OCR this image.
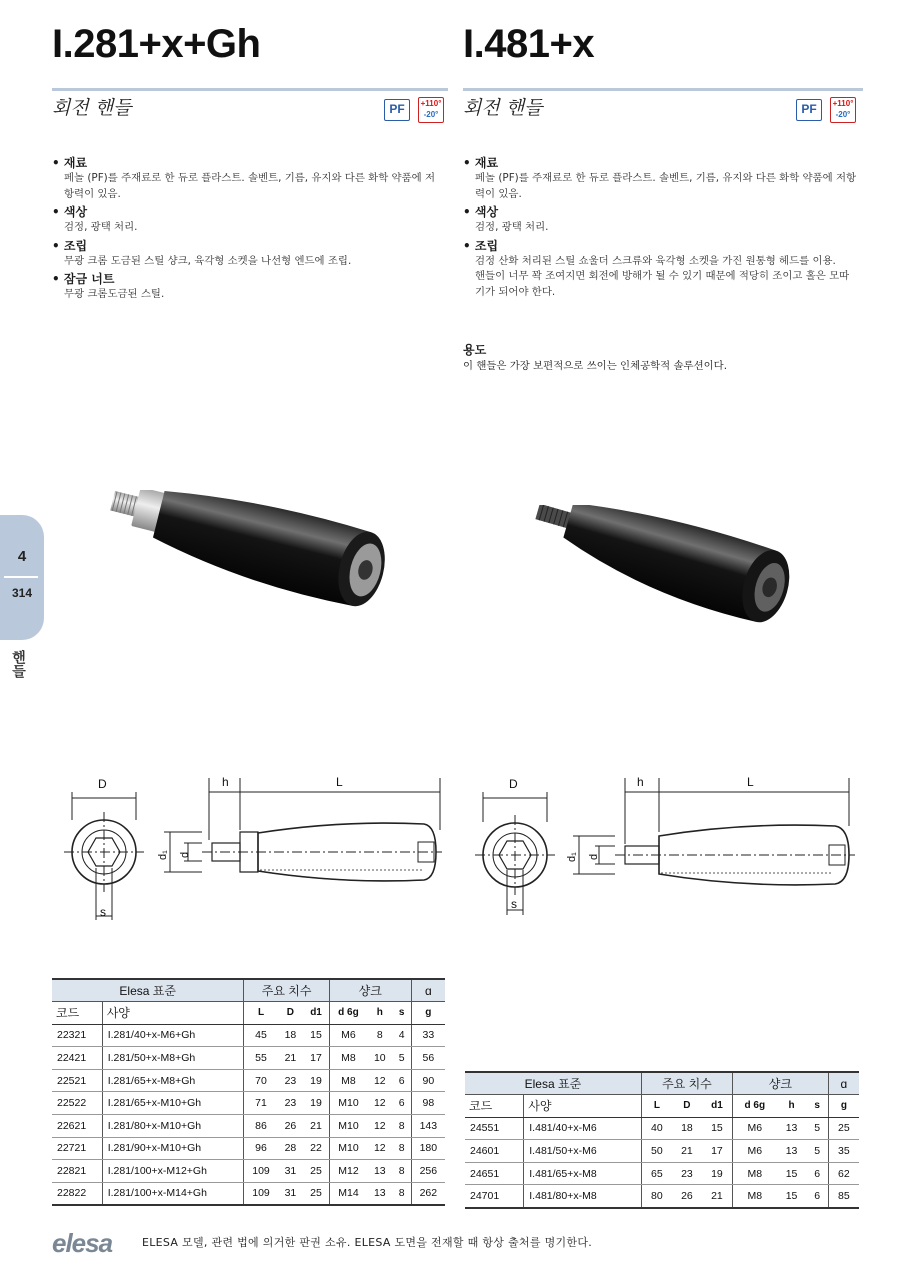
I.281+x+Gh
회전 핸들	PF	+110°
-20°
• 재료
페놀 (PF)를 주재료로 한 듀로 플라스트. 솔벤트, 기름, 유지와 다른 화학 약품에 저항력이 있음.
• 색상
검정, 광택 처리.
• 조립
무광 크롬 도금된 스틸 샹크, 육각형 소켓을 나선형 엔드에 조립.
• 잠금 너트
무광 크롬도금된 스틸.
I.481+x
회전 핸들	PF	+110°
-20°
• 재료
페놀 (PF)를 주재료로 한 듀로 플라스트. 솔벤트, 기름, 유지와 다른 화학 약품에 저항력이 있음.
• 색상
검정, 광택 처리.
• 조립
검정 산화 처리된 스틸 쇼울더 스크류와 육각형 소켓을 가진 원통형 헤드를 이용.
핸들이 너무 꽉 조여지면 회전에 방해가 될 수 있기 때문에 적당히 조이고 홀은 모따기가 되어야 한다.
용도
이 핸들은 가장 보편적으로 쓰이는 인체공학적 솔루션이다.
4
314
핸들
D
s
h	L
d₁ d
D
s
h	L
d₁ d
Elesa 표준		주요 치수			샹크			ɑ
코드	사양	L	D	d1	d 6g	h	s	g
22321	I.281/40+x-M6+Gh	45	18	15	M6	8	4	33
22421	I.281/50+x-M8+Gh	55	21	17	M8	10	5	56
22521	I.281/65+x-M8+Gh	70	23	19	M8	12	6	90
22522	I.281/65+x-M10+Gh	71	23	19	M10	12	6	98
22621	I.281/80+x-M10+Gh	86	26	21	M10	12	8	143
22721	I.281/90+x-M10+Gh	96	28	22	M10	12	8	180
22821	I.281/100+x-M12+Gh	109	31	25	M12	13	8	256
22822	I.281/100+x-M14+Gh	109	31	25	M14	13	8	262
Elesa 표준		주요 치수			샹크			ɑ
코드	사양	L	D	d1	d 6g	h	s	g
24551	I.481/40+x-M6	40	18	15	M6	13	5	25
24601	I.481/50+x-M6	50	21	17	M6	13	5	35
24651	I.481/65+x-M8	65	23	19	M8	15	6	62
24701	I.481/80+x-M8	80	26	21	M8	15	6	85
elesa	ELESA 모델, 관련 법에 의거한 판권 소유. ELESA 도면을 전재할 때 항상 출처를 명기한다.
